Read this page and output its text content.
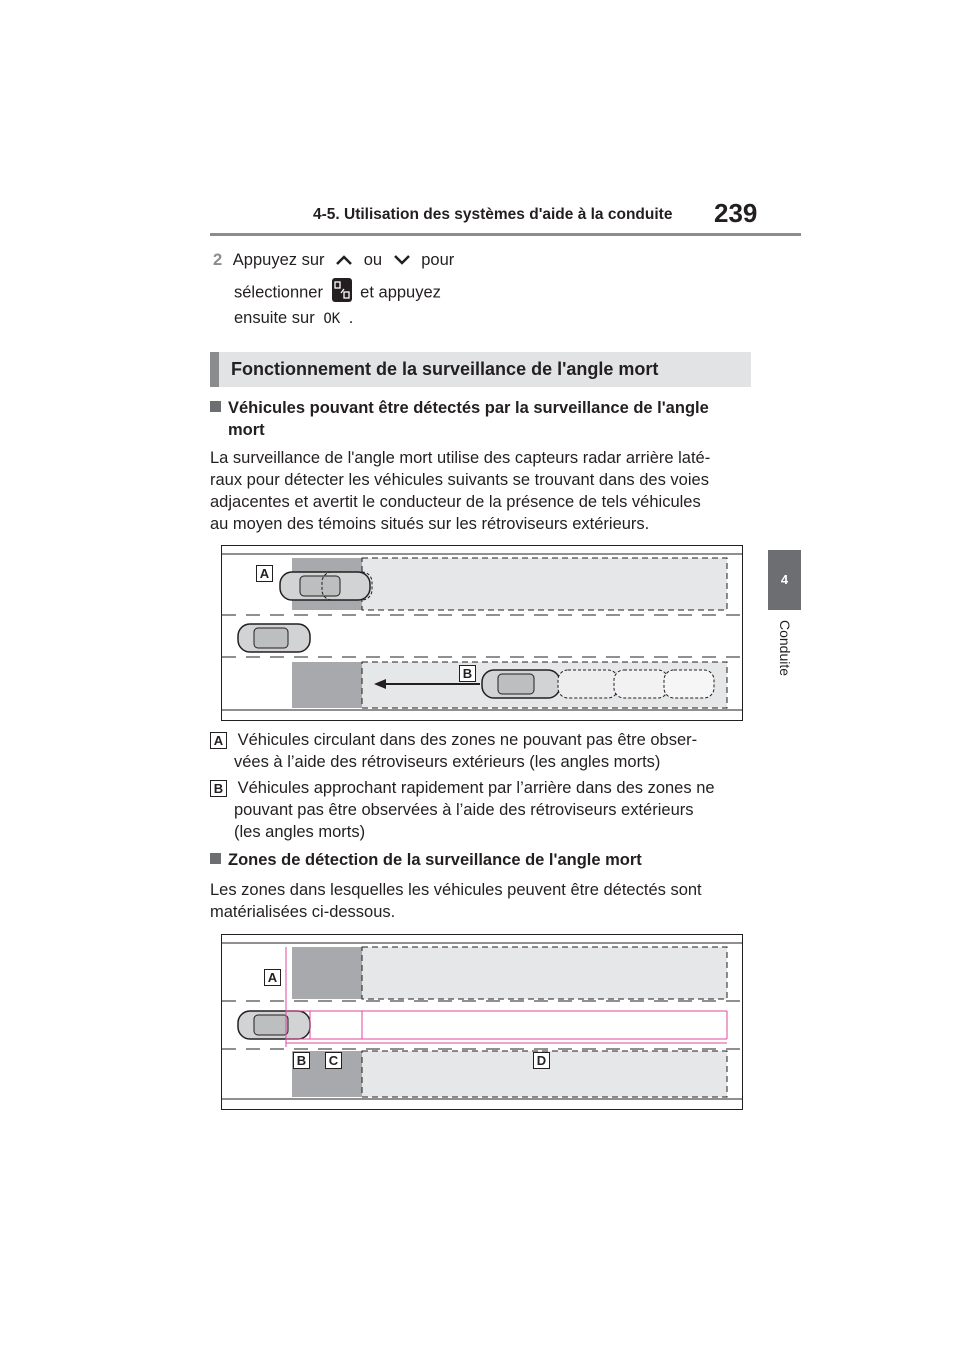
4-5. Utilisation des systèmes d'aide à la conduite 239
4
Conduite
2 Appuyez sur ou pour
sélectionner et appuyez
ensuite sur OK .
Fonctionnement de la surveillance de l'angle mort
Véhicules pouvant être détectés par la surveillance de l'angle
mort
La surveillance de l'angle mort utilise des capteurs radar arrière laté-
raux pour détecter les véhicules suivants se trouvant dans des voies
adjacentes et avertit le conducteur de la présence de tels véhicules
au moyen des témoins situés sur les rétroviseurs extérieurs.
A
B
A Véhicules circulant dans des zones ne pouvant pas être obser-
vées à l’aide des rétroviseurs extérieurs (les angles morts)
B Véhicules approchant rapidement par l’arrière dans des zones ne
pouvant pas être observées à l’aide des rétroviseurs extérieurs
(les angles morts)
Zones de détection de la surveillance de l'angle mort
Les zones dans lesquelles les véhicules peuvent être détectés sont
matérialisées ci-dessous.
A
B C	D
